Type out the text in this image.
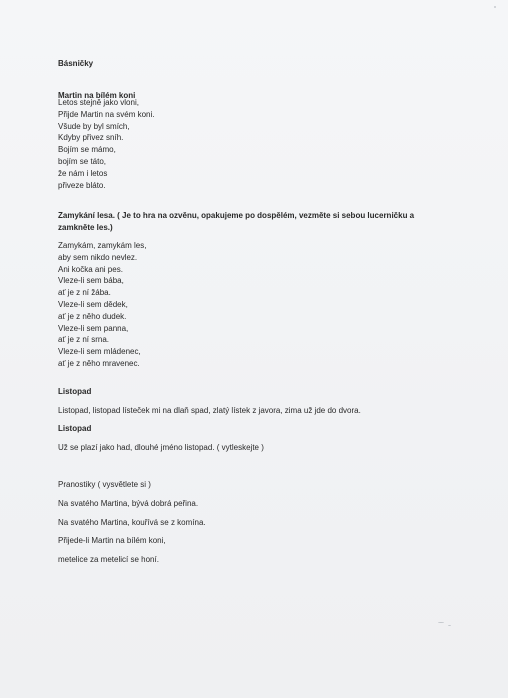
Básničky

Martin na bílém koni

Letos stejně jako vloni,
Přijde Martin na svém koni.
Všude by byl smích,
Kdyby přivez sníh.
Bojím se mámo,
bojím se táto,
že nám i letos
přiveze bláto.

Zamykání lesa. ( Je to hra na ozvěnu, opakujeme po dospělém, vezměte si sebou lucerničku a

zamkněte les.)

Zamykám, zamykám les,
aby sem nikdo nevlez.
Ani kočka ani pes.
Vleze-li sem bába,
ať je z ní žába.
Vleze-li sem dědek,
ať je z něho dudek.
Vleze-li sem panna,
ať je z ní srna.
Vleze-li sem mládenec,
ať je z něho mravenec.

Listopad

Listopad, listopad lísteček mi na dlaň spad, zlatý lístek z javora, zima už jde do dvora.

Listopad

Už se plazí jako had, dlouhé jméno listopad. ( vytleskejte )

Pranostiky ( vysvětlete si )

Na svatého Martina, bývá dobrá peřina.

Na svatého Martina, kouřívá se z komína.

Přijede-li Martin na bílém koni,

metelice za metelicí se honí.
